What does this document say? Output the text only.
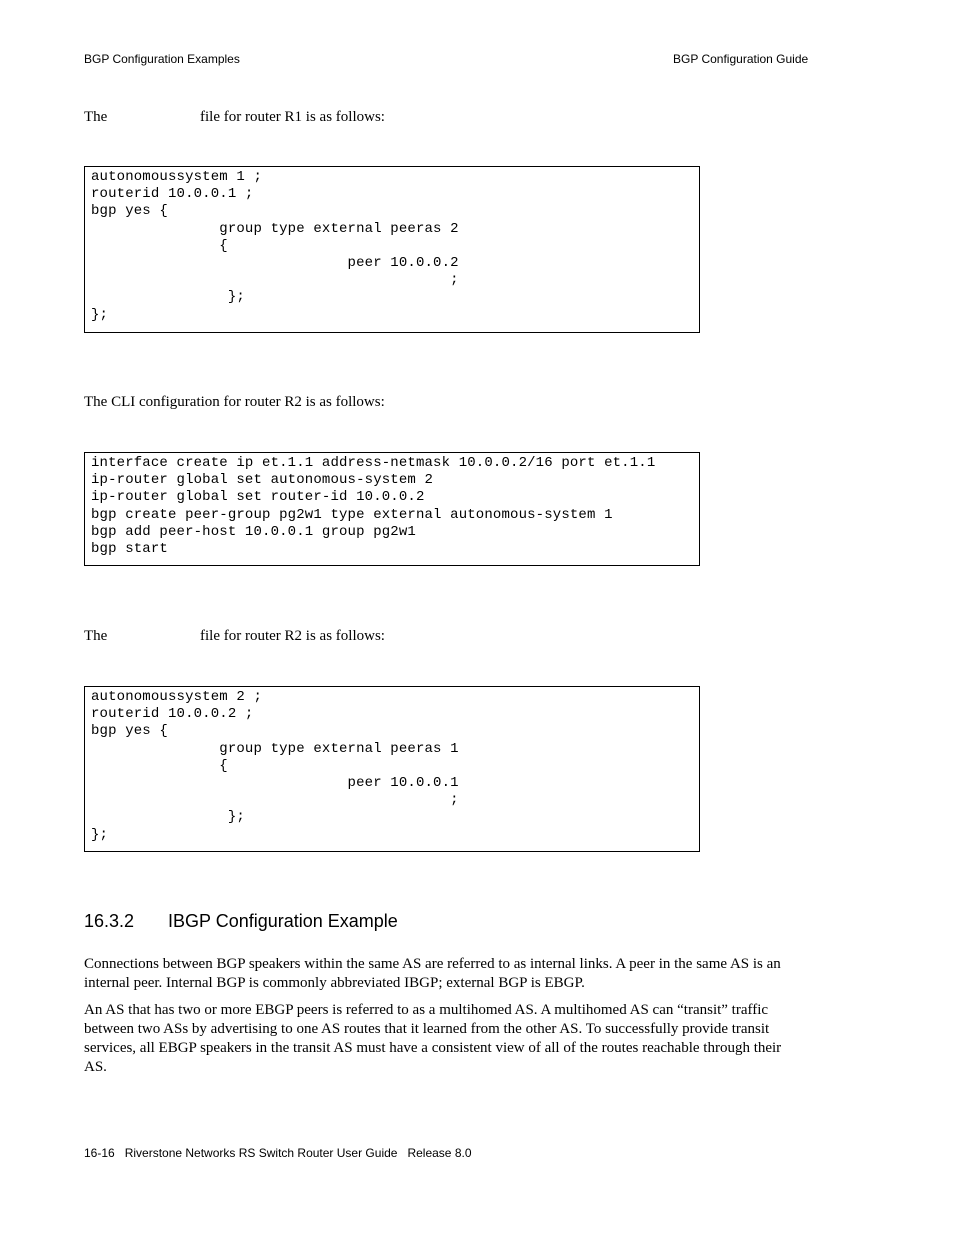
BGP Configuration Examples	BGP Configuration Guide
The	file for router R1 is as follows:
autonomoussystem 1 ;
routerid 10.0.0.1 ;
bgp yes {
group type external peeras 2
{
peer 10.0.0.2
;
};
};
The CLI configuration for router R2 is as follows:
interface create ip et.1.1 address-netmask 10.0.0.2/16 port et.1.1
ip-router global set autonomous-system 2
ip-router global set router-id 10.0.0.2
bgp create peer-group pg2w1 type external autonomous-system 1
bgp add peer-host 10.0.0.1 group pg2w1
bgp start
The	file for router R2 is as follows:
autonomoussystem 2 ;
routerid 10.0.0.2 ;
bgp yes {
group type external peeras 1
{
peer 10.0.0.1
;
};
};
16.3.2 IBGP Configuration Example
Connections between BGP speakers within the same AS are referred to as internal links. A peer in the same AS is an
internal peer. Internal BGP is commonly abbreviated IBGP; external BGP is EBGP.
An AS that has two or more EBGP peers is referred to as a multihomed AS. A multihomed AS can “transit” traffic
between two ASs by advertising to one AS routes that it learned from the other AS. To successfully provide transit
services, all EBGP speakers in the transit AS must have a consistent view of all of the routes reachable through their
AS.
16-16   Riverstone Networks RS Switch Router User Guide   Release 8.0
